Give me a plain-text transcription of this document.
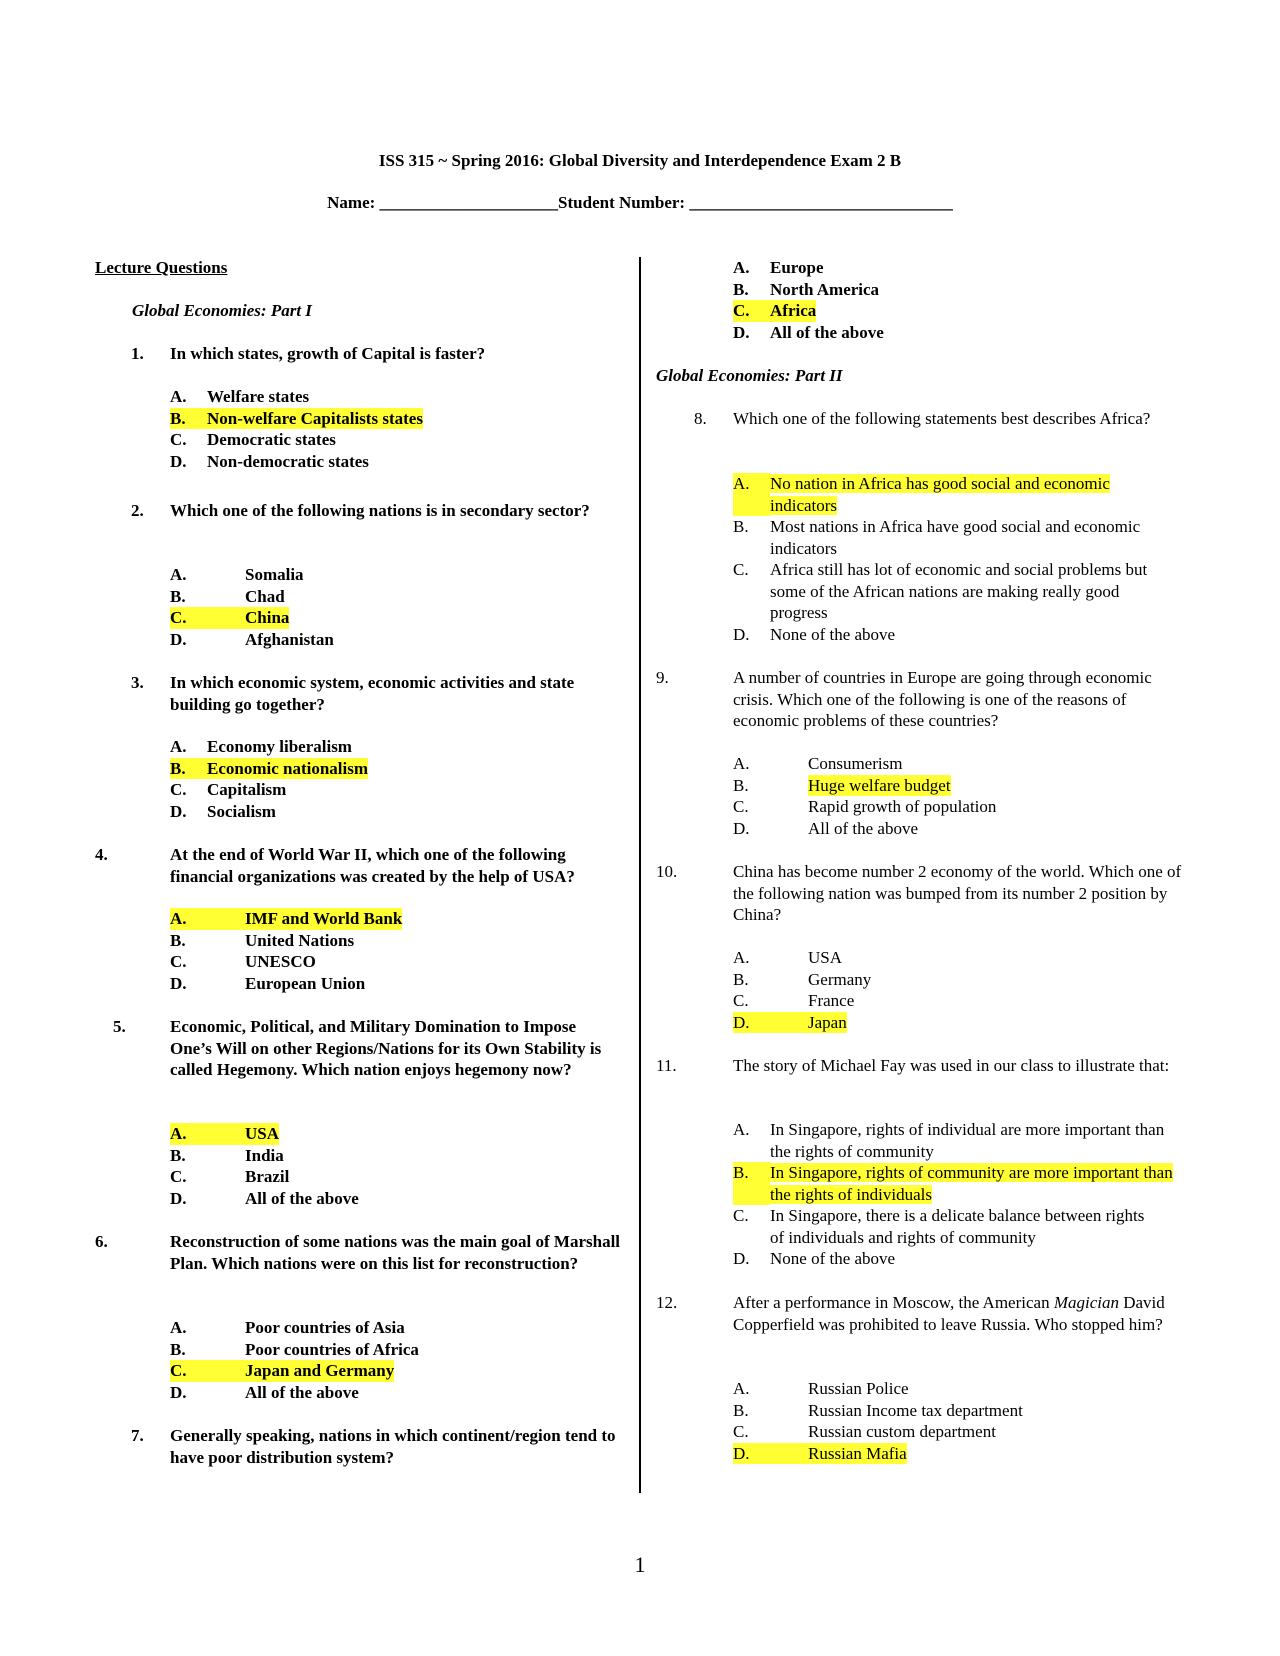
ISS 315 ~ Spring 2016: Global Diversity and Interdependence Exam 2 B
Name: _____________________Student Number: _______________________________
Lecture Questions
Global Economies: Part I
1. In which states, growth of Capital is faster?
A.	Welfare states
B. Non-welfare Capitalists states
C.	Democratic states
D.	Non-democratic states
2. Which one of the following nations is in secondary sector?
A.	Somalia
B.	Chad
C.	China
D.	Afghanistan
3. In which economic system, economic activities and state building go together?
A.	Economy liberalism
B. Economic nationalism
C.	Capitalism
D.	Socialism
4.	At the end of World War II, which one of the following financial organizations was created by the help of USA?
A.	IMF and World Bank
B.	United Nations
C.	UNESCO
D.	European Union
5.	Economic, Political, and Military Domination to Impose One’s Will on other Regions/Nations for its Own Stability is called Hegemony. Which nation enjoys hegemony now?
A.	USA
B.	India
C.	Brazil
D.	All of the above
6.	Reconstruction of some nations was the main goal of Marshall Plan. Which nations were on this list for reconstruction?
A.	Poor countries of Asia
B.	Poor countries of Africa
C.	Japan and Germany
D.	All of the above
7. Generally speaking, nations in which continent/region tend to have poor distribution system?
A.	Europe
B.	North America
C. Africa
D.	All of the above
Global Economies: Part II
8. Which one of the following statements best describes Africa?
A.	No nation in Africa has good social and economic indicators
B.	Most nations in Africa have good social and economic indicators
C.	Africa still has lot of economic and social problems but some of the African nations are making really good progress
D.	None of the above
9.	A number of countries in Europe are going through economic crisis. Which one of the following is one of the reasons of economic problems of these countries?
A.	Consumerism
B.	Huge welfare budget
C.	Rapid growth of population
D.	All of the above
10.	China has become number 2 economy of the world. Which one of the following nation was bumped from its number 2 position by China?
A.	USA
B.	Germany
C.	France
D.	Japan
11.	The story of Michael Fay was used in our class to illustrate that:
A.	In Singapore, rights of individual are more important than the rights of community
B.	In Singapore, rights of community are more important than the rights of individuals
C.	In Singapore, there is a delicate balance between rights of individuals and rights of community
D.	None of the above
12.	After a performance in Moscow, the American Magician David Copperfield was prohibited to leave Russia. Who stopped him?
A.	Russian Police
B.	Russian Income tax department
C.	Russian custom department
D.	Russian Mafia
1
